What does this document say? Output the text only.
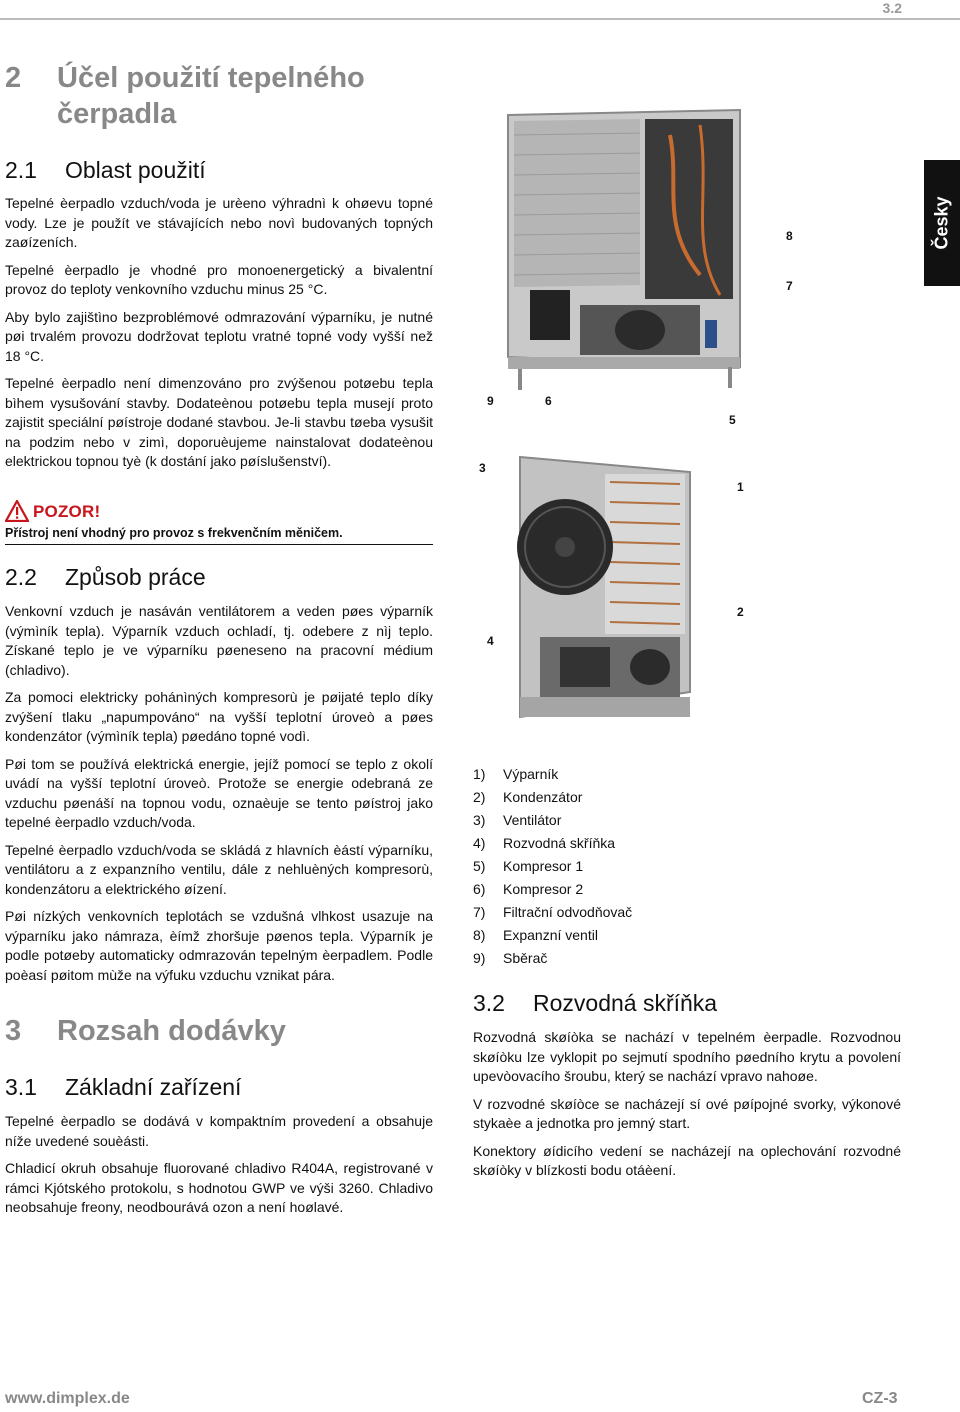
3.2
Česky
2 Účel použití tepelného
čerpadla
2.1 Oblast použití

Tepelné èerpadlo vzduch/voda je urèeno výhradnì k ohøevu topné vody. Lze je použít ve stávajících nebo novì budovaných topných zaøízeních.

Tepelné èerpadlo je vhodné pro monoenergetický a bivalentní provoz do teploty venkovního vzduchu minus 25 °C.

Aby bylo zajištìno bezproblémové odmrazování výparníku, je nutné pøi trvalém provozu dodržovat teplotu vratné topné vody vyšší než 18 °C.

Tepelné èerpadlo není dimenzováno pro zvýšenou potøebu tepla bìhem vysušování stavby. Dodateènou potøebu tepla musejí proto zajistit speciální pøístroje dodané stavbou. Je-li stavbu tøeba vysušit na podzim nebo v zimì, doporuèujeme nainstalovat dodateènou elektrickou topnou tyè (k dostání jako pøíslušenství).

POZOR!
Přístroj není vhodný pro provoz s frekvenčním měničem.
2.2 Způsob práce

Venkovní vzduch je nasáván ventilátorem a veden pøes výparník (výmìník tepla). Výparník vzduch ochladí, tj. odebere z nìj teplo. Získané teplo je ve výparníku pøeneseno na pracovní médium (chladivo).

Za pomoci elektricky pohánìných kompresorù je pøijaté teplo díky zvýšení tlaku „napumpováno“ na vyšší teplotní úroveò a pøes kondenzátor (výmìník tepla) pøedáno topné vodì.

Pøi tom se používá elektrická energie, jejíž pomocí se teplo z okolí uvádí na vyšší teplotní úroveò. Protože se energie odebraná ze vzduchu pøenáší na topnou vodu, oznaèuje se tento pøístroj jako tepelné èerpadlo vzduch/voda.

Tepelné èerpadlo vzduch/voda se skládá z hlavních èástí výparníku, ventilátoru a z expanzního ventilu, dále z nehluèných kompresorù, kondenzátoru a elektrického øízení.

Pøi nízkých venkovních teplotách se vzdušná vlhkost usazuje na výparníku jako námraza, èímž zhoršuje pøenos tepla. Výparník je podle potøeby automaticky odmrazován tepelným èerpadlem. Podle poèasí pøitom mùže na výfuku vzduchu vznikat pára.

3 Rozsah dodávky
3.1 Základní zařízení

Tepelné èerpadlo se dodává v kompaktním provedení a obsahuje níže uvedené souèásti.

Chladicí okruh obsahuje fluorované chladivo R404A, registrované v rámci Kjótského protokolu, s hodnotou GWP ve výši 3260. Chladivo neobsahuje freony, neodbourává ozon a není hoølavé.

8
7
9	6
5
3
1
2
4
1)	Výparník
2)	Kondenzátor
3)	Ventilátor
4)	Rozvodná skříňka
5)	Kompresor 1
6)	Kompresor 2
7)	Filtrační odvodňovač
8)	Expanzní ventil
9)	Sběrač
3.2 Rozvodná skříňka

Rozvodná skøíòka se nachází v tepelném èerpadle. Rozvodnou skøíòku lze vyklopit po sejmutí spodního pøedního krytu a povolení upevòovacího šroubu, který se nachází vpravo nahoøe.

V rozvodné skøíòce se nacházejí sí ové pøípojné svorky, výkonové stykaèe a jednotka pro jemný start.

Konektory øídicího vedení se nacházejí na oplechování rozvodné skøíòky v blízkosti bodu otáèení.

www.dimplex.de	CZ-3
